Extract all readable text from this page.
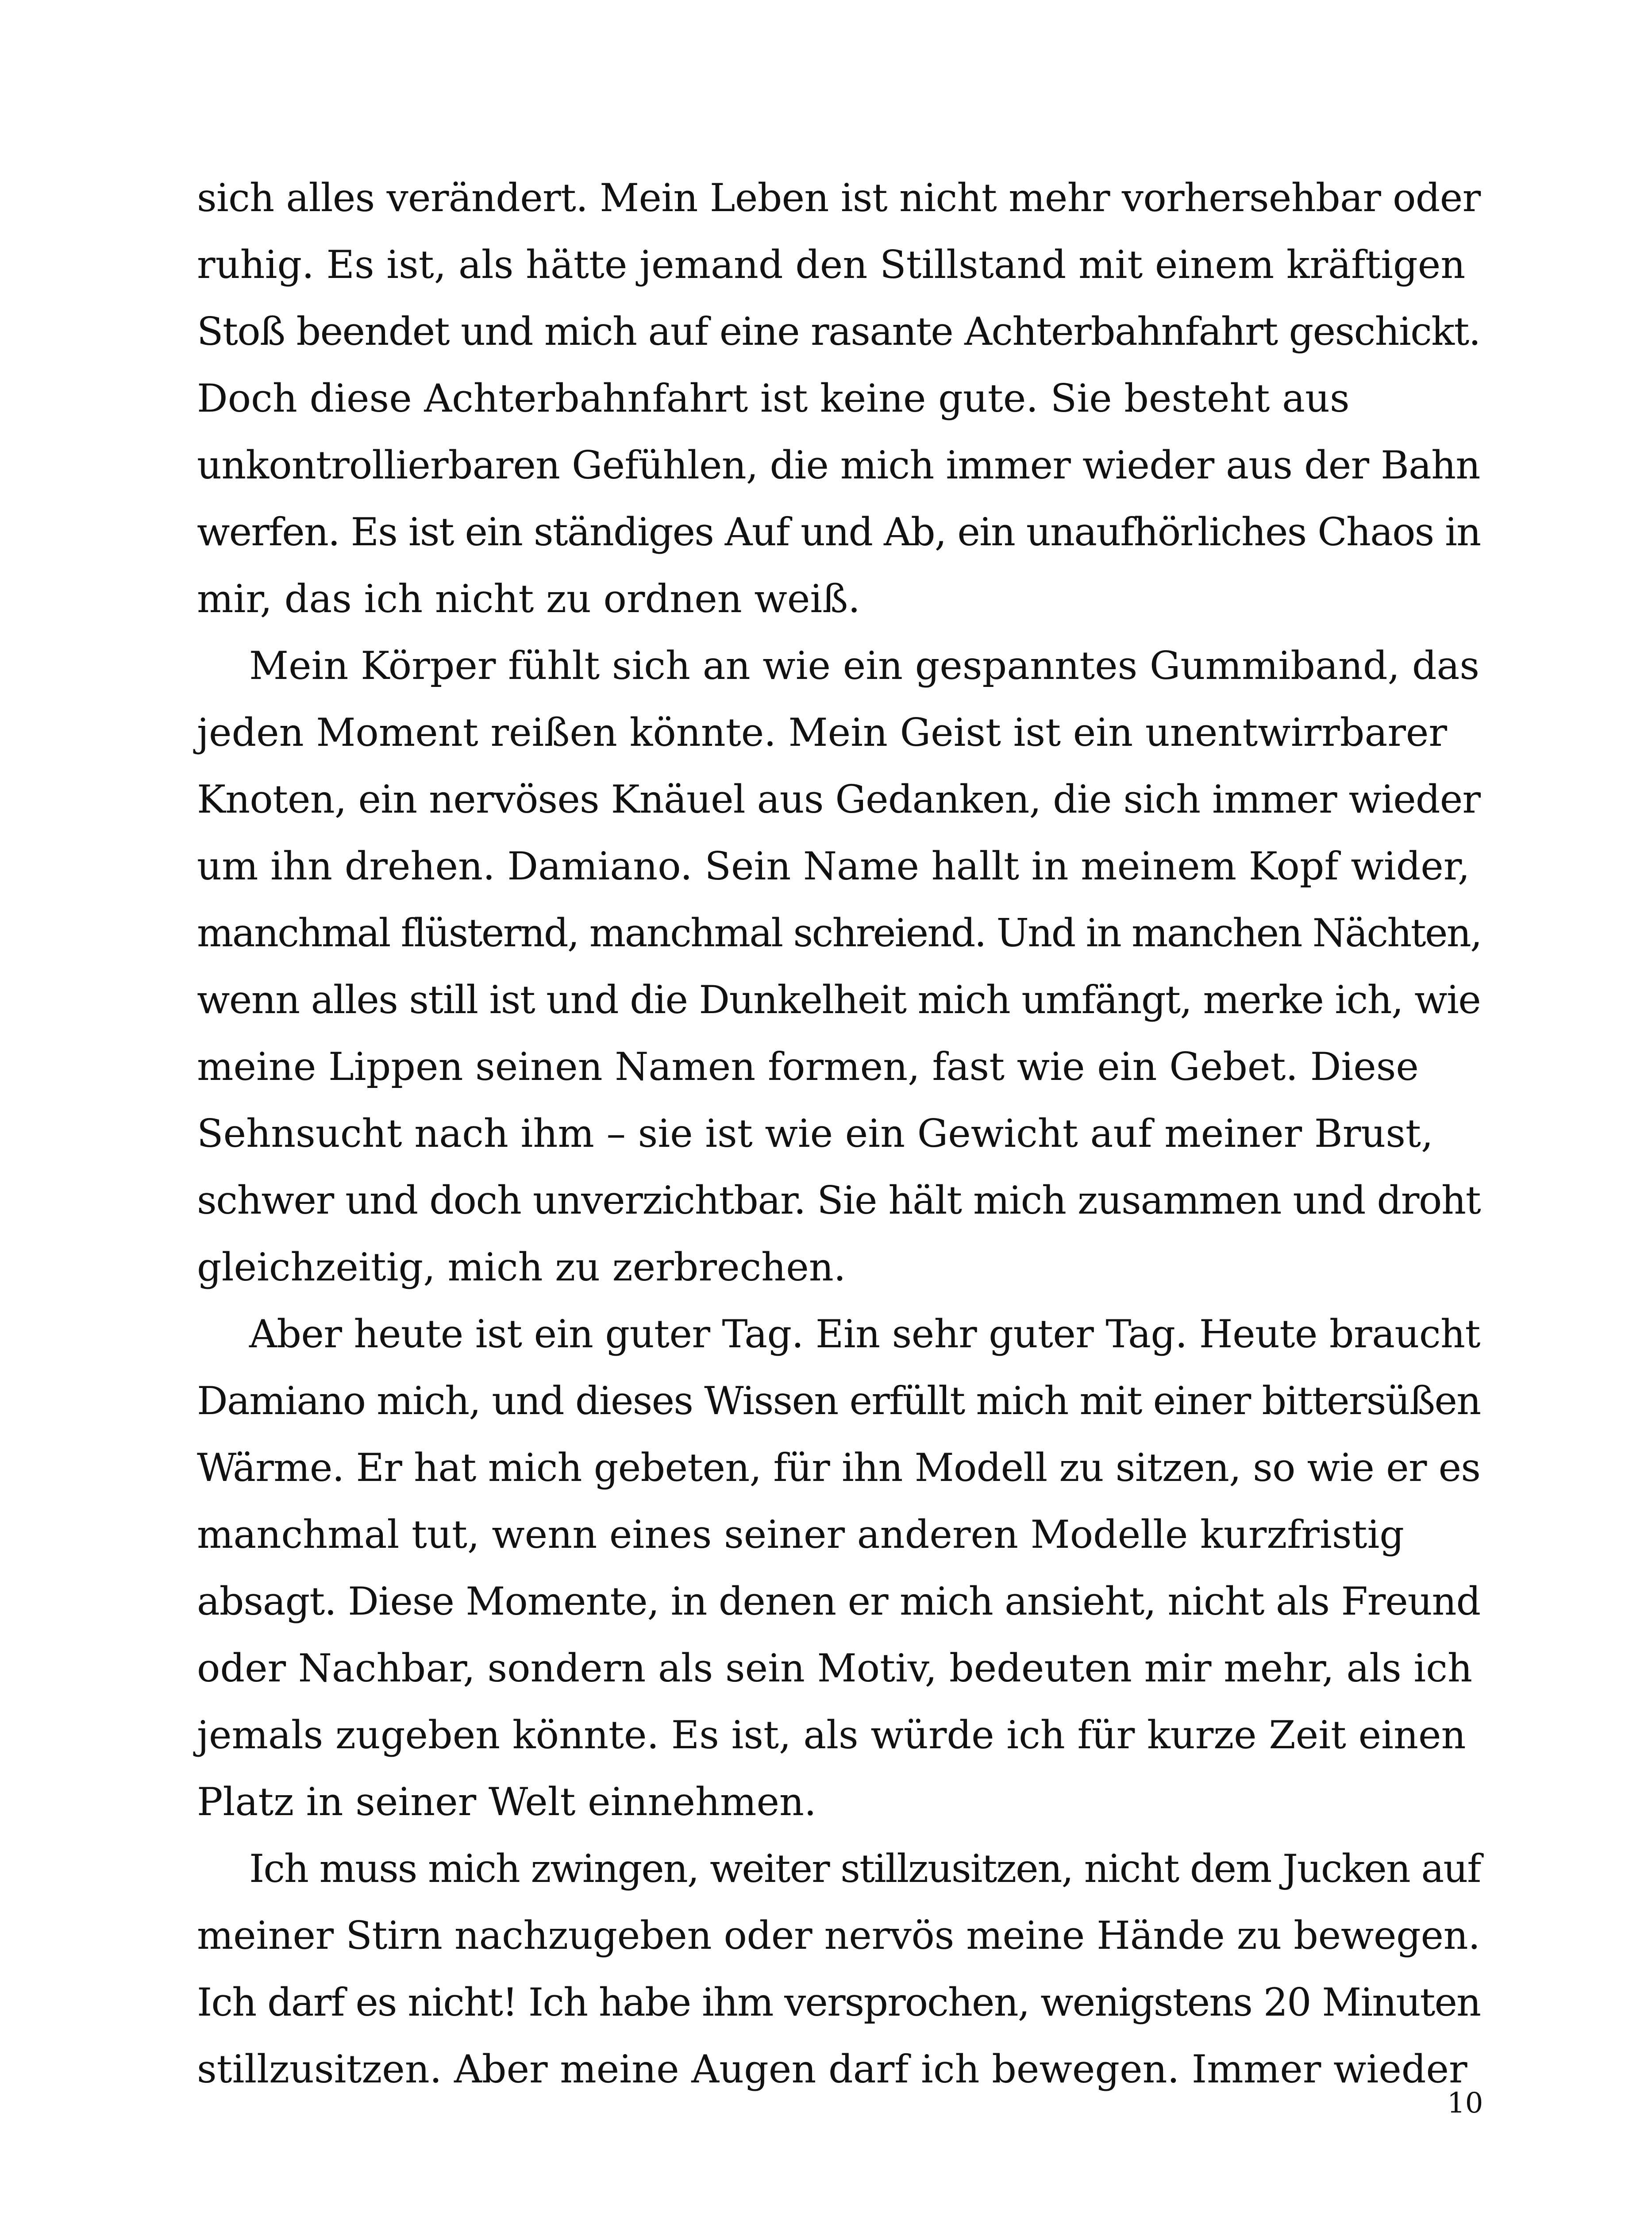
sich alles verändert. Mein Leben ist nicht mehr vorhersehbar oder
ruhig. Es ist, als hätte jemand den Stillstand mit einem kräftigen
Stoß beendet und mich auf eine rasante Achterbahnfahrt geschickt.
Doch diese Achterbahnfahrt ist keine gute. Sie besteht aus
unkontrollierbaren Gefühlen, die mich immer wieder aus der Bahn
werfen. Es ist ein ständiges Auf und Ab, ein unaufhörliches Chaos in
mir, das ich nicht zu ordnen weiß.
Mein Körper fühlt sich an wie ein gespanntes Gummiband, das
jeden Moment reißen könnte. Mein Geist ist ein unentwirrbarer
Knoten, ein nervöses Knäuel aus Gedanken, die sich immer wieder
um ihn drehen. Damiano. Sein Name hallt in meinem Kopf wider,
manchmal flüsternd, manchmal schreiend. Und in manchen Nächten,
wenn alles still ist und die Dunkelheit mich umfängt, merke ich, wie
meine Lippen seinen Namen formen, fast wie ein Gebet. Diese
Sehnsucht nach ihm – sie ist wie ein Gewicht auf meiner Brust,
schwer und doch unverzichtbar. Sie hält mich zusammen und droht
gleichzeitig, mich zu zerbrechen.
Aber heute ist ein guter Tag. Ein sehr guter Tag. Heute braucht
Damiano mich, und dieses Wissen erfüllt mich mit einer bittersüßen
Wärme. Er hat mich gebeten, für ihn Modell zu sitzen, so wie er es
manchmal tut, wenn eines seiner anderen Modelle kurzfristig
absagt. Diese Momente, in denen er mich ansieht, nicht als Freund
oder Nachbar, sondern als sein Motiv, bedeuten mir mehr, als ich
jemals zugeben könnte. Es ist, als würde ich für kurze Zeit einen
Platz in seiner Welt einnehmen.
Ich muss mich zwingen, weiter stillzusitzen, nicht dem Jucken auf
meiner Stirn nachzugeben oder nervös meine Hände zu bewegen.
Ich darf es nicht! Ich habe ihm versprochen, wenigstens 20 Minuten
stillzusitzen. Aber meine Augen darf ich bewegen. Immer wieder
10
